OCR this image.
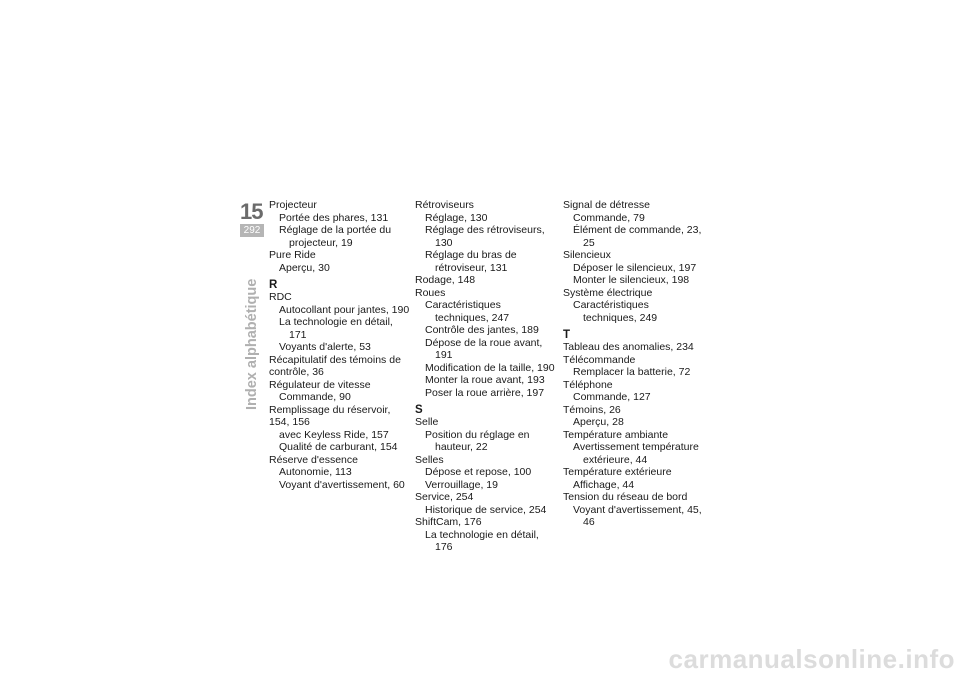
15
292
Index alphabétique
Projecteur
Portée des phares, 131
Réglage de la portée du projecteur, 19
Pure Ride
Aperçu, 30
R
RDC
Autocollant pour jantes, 190
La technologie en détail, 171
Voyants d'alerte, 53
Récapitulatif des témoins de contrôle, 36
Régulateur de vitesse
Commande, 90
Remplissage du réservoir, 154, 156
avec Keyless Ride, 157
Qualité de carburant, 154
Réserve d'essence
Autonomie, 113
Voyant d'avertissement, 60
Rétroviseurs
Réglage, 130
Réglage des rétroviseurs, 130
Réglage du bras de rétroviseur, 131
Rodage, 148
Roues
Caractéristiques techniques, 247
Contrôle des jantes, 189
Dépose de la roue avant, 191
Modification de la taille, 190
Monter la roue avant, 193
Poser la roue arrière, 197
S
Selle
Position du réglage en hauteur, 22
Selles
Dépose et repose, 100
Verrouillage, 19
Service, 254
Historique de service, 254
ShiftCam, 176
La technologie en détail, 176
Signal de détresse
Commande, 79
Élément de commande, 23, 25
Silencieux
Déposer le silencieux, 197
Monter le silencieux, 198
Système électrique
Caractéristiques techniques, 249
T
Tableau des anomalies, 234
Télécommande
Remplacer la batterie, 72
Téléphone
Commande, 127
Témoins, 26
Aperçu, 28
Température ambiante
Avertissement température extérieure, 44
Température extérieure
Affichage, 44
Tension du réseau de bord
Voyant d'avertissement, 45, 46
carmanualsonline.info
